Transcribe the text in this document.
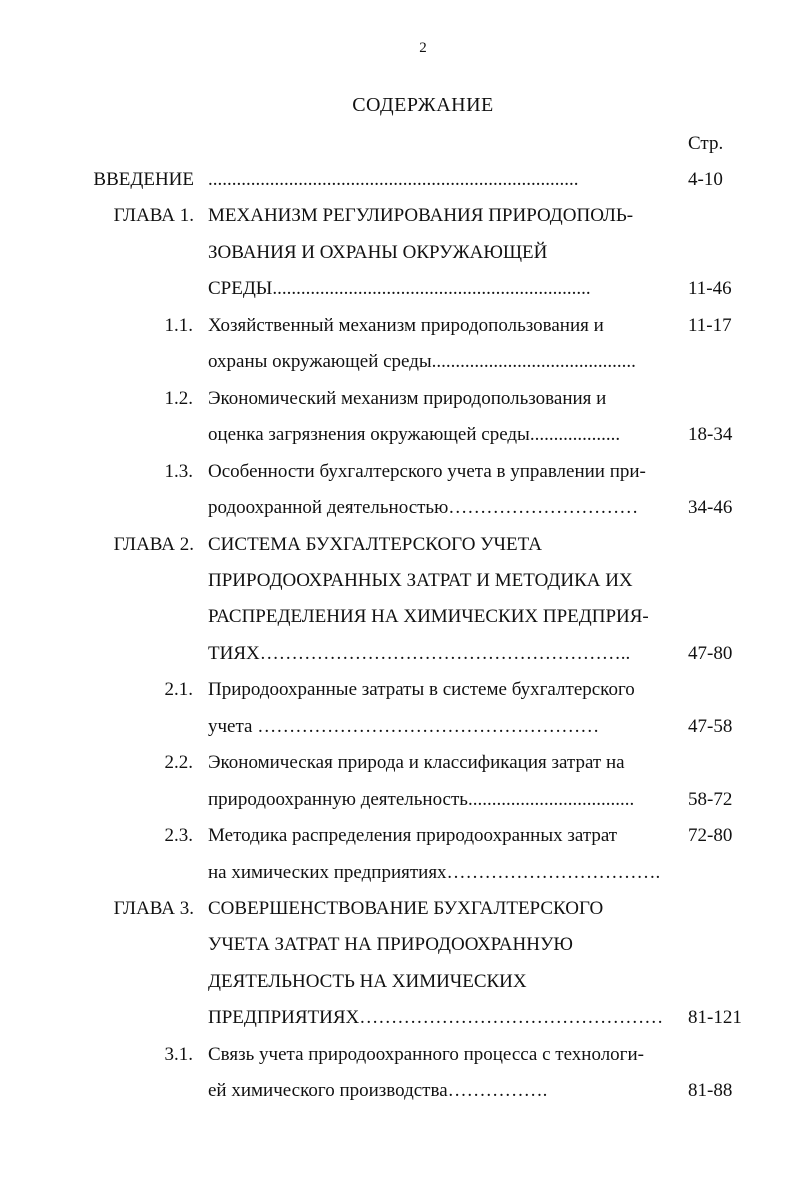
2
СОДЕРЖАНИЕ
Стр.
ВВЕДЕНИЕ ..............................................................................	4-10
ГЛАВА 1. МЕХАНИЗМ РЕГУЛИРОВАНИЯ ПРИРОДОПОЛЬ-
ЗОВАНИЯ И ОХРАНЫ ОКРУЖАЮЩЕЙ
СРЕДЫ...................................................................	11-46
1.1. Хозяйственный механизм природопользования и	11-17
охраны окружающей среды...........................................
1.2. Экономический механизм природопользования и
оценка загрязнения окружающей среды...................	18-34
1.3. Особенности бухгалтерского учета в управлении при-
родоохранной деятельностью…………………………	34-46
ГЛАВА 2. СИСТЕМА БУХГАЛТЕРСКОГО УЧЕТА
ПРИРОДООХРАННЫХ ЗАТРАТ И МЕТОДИКА ИХ
РАСПРЕДЕЛЕНИЯ НА ХИМИЧЕСКИХ ПРЕДПРИЯ-
ТИЯХ…………………………………………………..	47-80
2.1. Природоохранные затраты в системе бухгалтерского
учета ………………………………………………	47-58
2.2. Экономическая природа и классификация затрат на
природоохранную деятельность...................................	58-72
2.3. Методика распределения природоохранных затрат	72-80
на химических предприятиях…………………………….
ГЛАВА 3. СОВЕРШЕНСТВОВАНИЕ БУХГАЛТЕРСКОГО
УЧЕТА ЗАТРАТ НА ПРИРОДООХРАННУЮ
ДЕЯТЕЛЬНОСТЬ НА ХИМИЧЕСКИХ
ПРЕДПРИЯТИЯХ…………………………………………	81-121
3.1. Связь учета природоохранного процесса с технологи-
ей химического производства…………….	81-88
